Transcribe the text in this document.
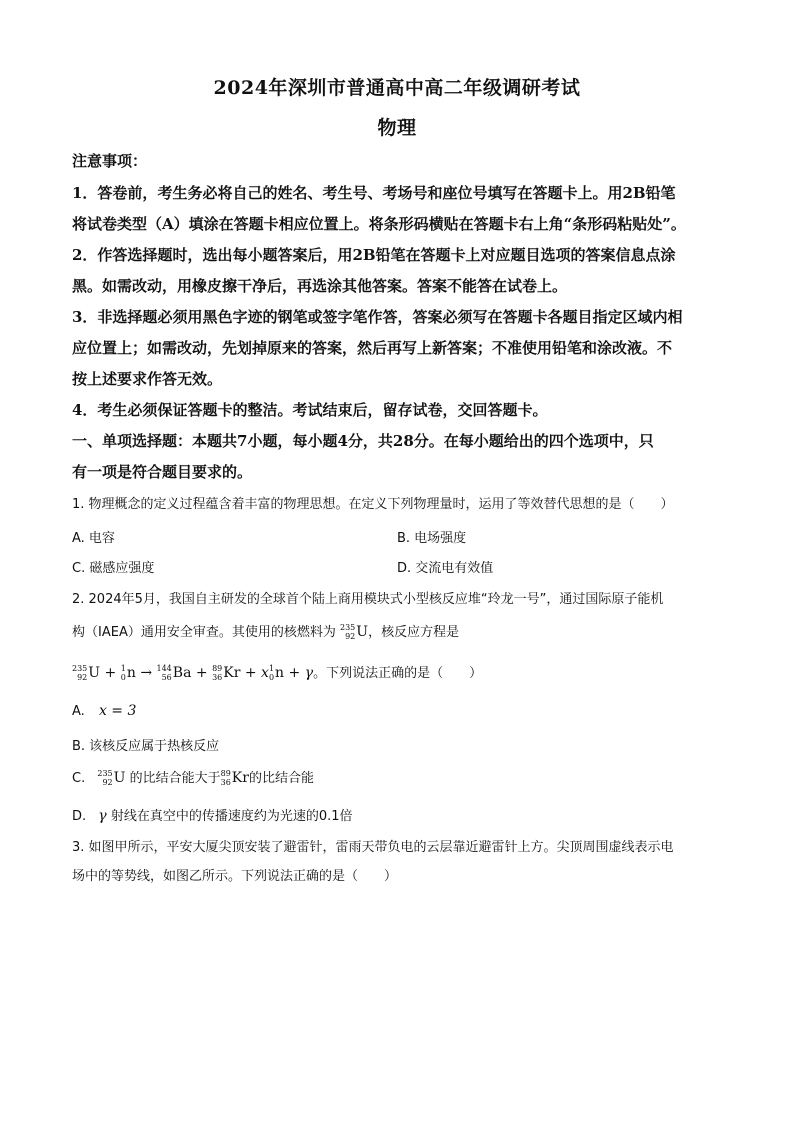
2024年深圳市普通高中高二年级调研考试
物理
注意事项：
1．答卷前，考生务必将自己的姓名、考生号、考场号和座位号填写在答题卡上。用2B铅笔
将试卷类型（A）填涂在答题卡相应位置上。将条形码横贴在答题卡右上角“条形码粘贴处”。
2．作答选择题时，选出每小题答案后，用2B铅笔在答题卡上对应题目选项的答案信息点涂
黑。如需改动，用橡皮擦干净后，再选涂其他答案。答案不能答在试卷上。
3．非选择题必须用黑色字迹的钢笔或签字笔作答，答案必须写在答题卡各题目指定区域内相
应位置上；如需改动，先划掉原来的答案，然后再写上新答案；不准使用铅笔和涂改液。不
按上述要求作答无效。
4．考生必须保证答题卡的整洁。考试结束后，留存试卷，交回答题卡。
一、单项选择题：本题共7小题，每小题4分，共28分。在每小题给出的四个选项中，只
有一项是符合题目要求的。
1. 物理概念的定义过程蕴含着丰富的物理思想。在定义下列物理量时，运用了等效替代思想的是（　　）
A. 电容	B. 电场强度
C. 磁感应强度	D. 交流电有效值
2. 2024年5月，我国自主研发的全球首个陆上商用模块式小型核反应堆“玲龙一号”，通过国际原子能机
构（IAEA）通用安全审查。其使用的核燃料为 235
92 U，核反应方程是
235
92 U + 1
0 n → 144
56 Ba + 89
36 Kr + x 1
0 n + γ。下列说法正确的是（　　）
A. x = 3
B. 该核反应属于热核反应
C. 235
92 U 的比结合能大于 89
36 Kr的比结合能
D. γ 射线在真空中的传播速度约为光速的0.1倍
3. 如图甲所示，平安大厦尖顶安装了避雷针，雷雨天带负电的云层靠近避雷针上方。尖顶周围虚线表示电
场中的等势线，如图乙所示。下列说法正确的是（　　）
